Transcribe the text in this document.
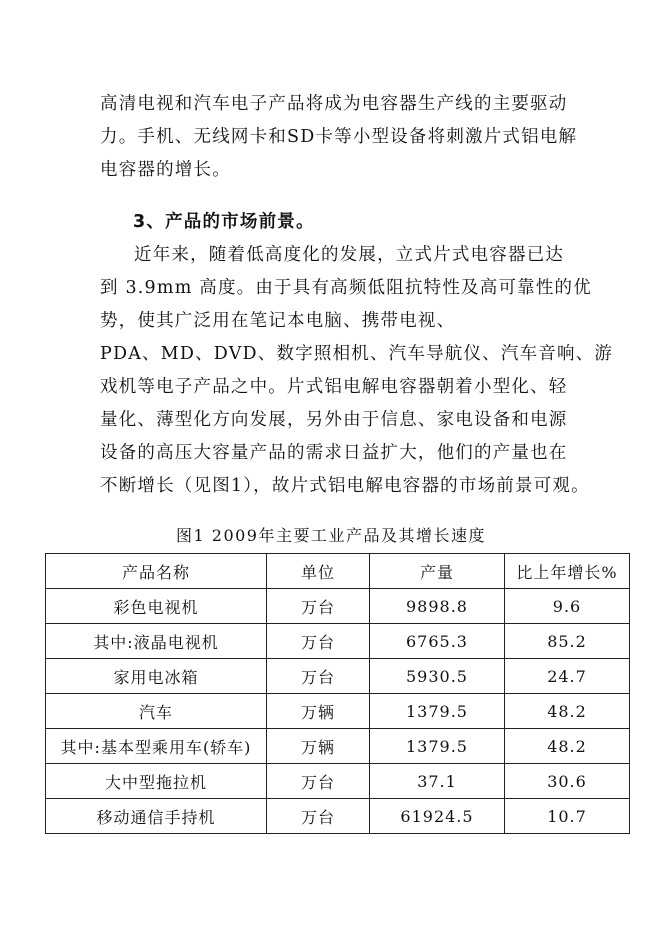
高清电视和汽车电子产品将成为电容器生产线的主要驱动
力。手机、无线网卡和SD卡等小型设备将刺激片式铝电解
电容器的增长。

3、产品的市场前景。

近年来，随着低高度化的发展，立式片式电容器已达
到 3.9mm 高度。由于具有高频低阻抗特性及高可靠性的优
势，使其广泛用在笔记本电脑、携带电视、
PDA、MD、DVD、数字照相机、汽车导航仪、汽车音响、游
戏机等电子产品之中。片式铝电解电容器朝着小型化、轻
量化、薄型化方向发展，另外由于信息、家电设备和电源
设备的高压大容量产品的需求日益扩大，他们的产量也在
不断增长（见图1），故片式铝电解电容器的市场前景可观。

图1 2009年主要工业产品及其增长速度

产品名称	单位	产量	比上年增长%
彩色电视机	万台	9898.8	9.6
其中:液晶电视机	万台	6765.3	85.2
家用电冰箱	万台	5930.5	24.7
汽车	万辆	1379.5	48.2
其中:基本型乘用车(轿车)	万辆	1379.5	48.2
大中型拖拉机	万台	37.1	30.6
移动通信手持机	万台	61924.5	10.7
